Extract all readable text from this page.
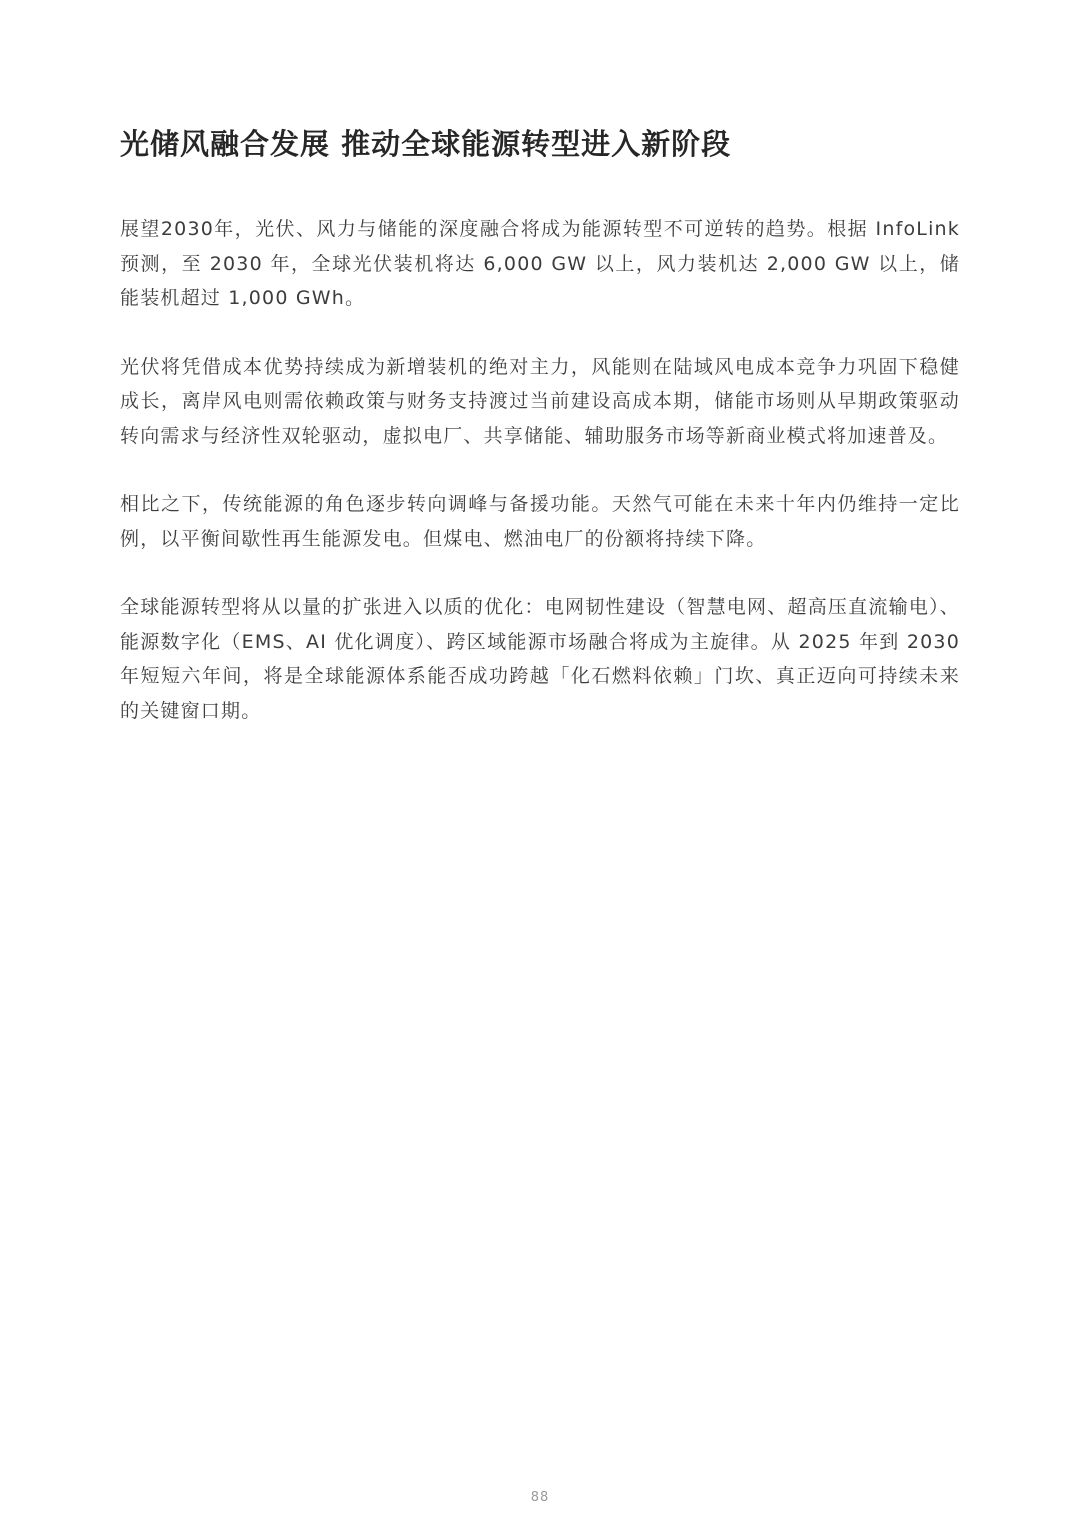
光储风融合发展 推动全球能源转型进入新阶段

展望2030年，光伏、风力与储能的深度融合将成为能源转型不可逆转的趋势。根据 InfoLink 预测，至 2030 年，全球光伏装机将达 6,000 GW 以上，风力装机达 2,000 GW 以上，储能装机超过 1,000 GWh。

光伏将凭借成本优势持续成为新增装机的绝对主力，风能则在陆域风电成本竞争力巩固下稳健成长，离岸风电则需依赖政策与财务支持渡过当前建设高成本期，储能市场则从早期政策驱动转向需求与经济性双轮驱动，虚拟电厂、共享储能、辅助服务市场等新商业模式将加速普及。

相比之下，传统能源的角色逐步转向调峰与备援功能。天然气可能在未来十年内仍维持一定比例，以平衡间歇性再生能源发电。但煤电、燃油电厂的份额将持续下降。

全球能源转型将从以量的扩张进入以质的优化：电网韧性建设（智慧电网、超高压直流输电）、能源数字化（EMS、AI 优化调度）、跨区域能源市场融合将成为主旋律。从 2025 年到 2030 年短短六年间，将是全球能源体系能否成功跨越「化石燃料依赖」门坎、真正迈向可持续未来的关键窗口期。

88
